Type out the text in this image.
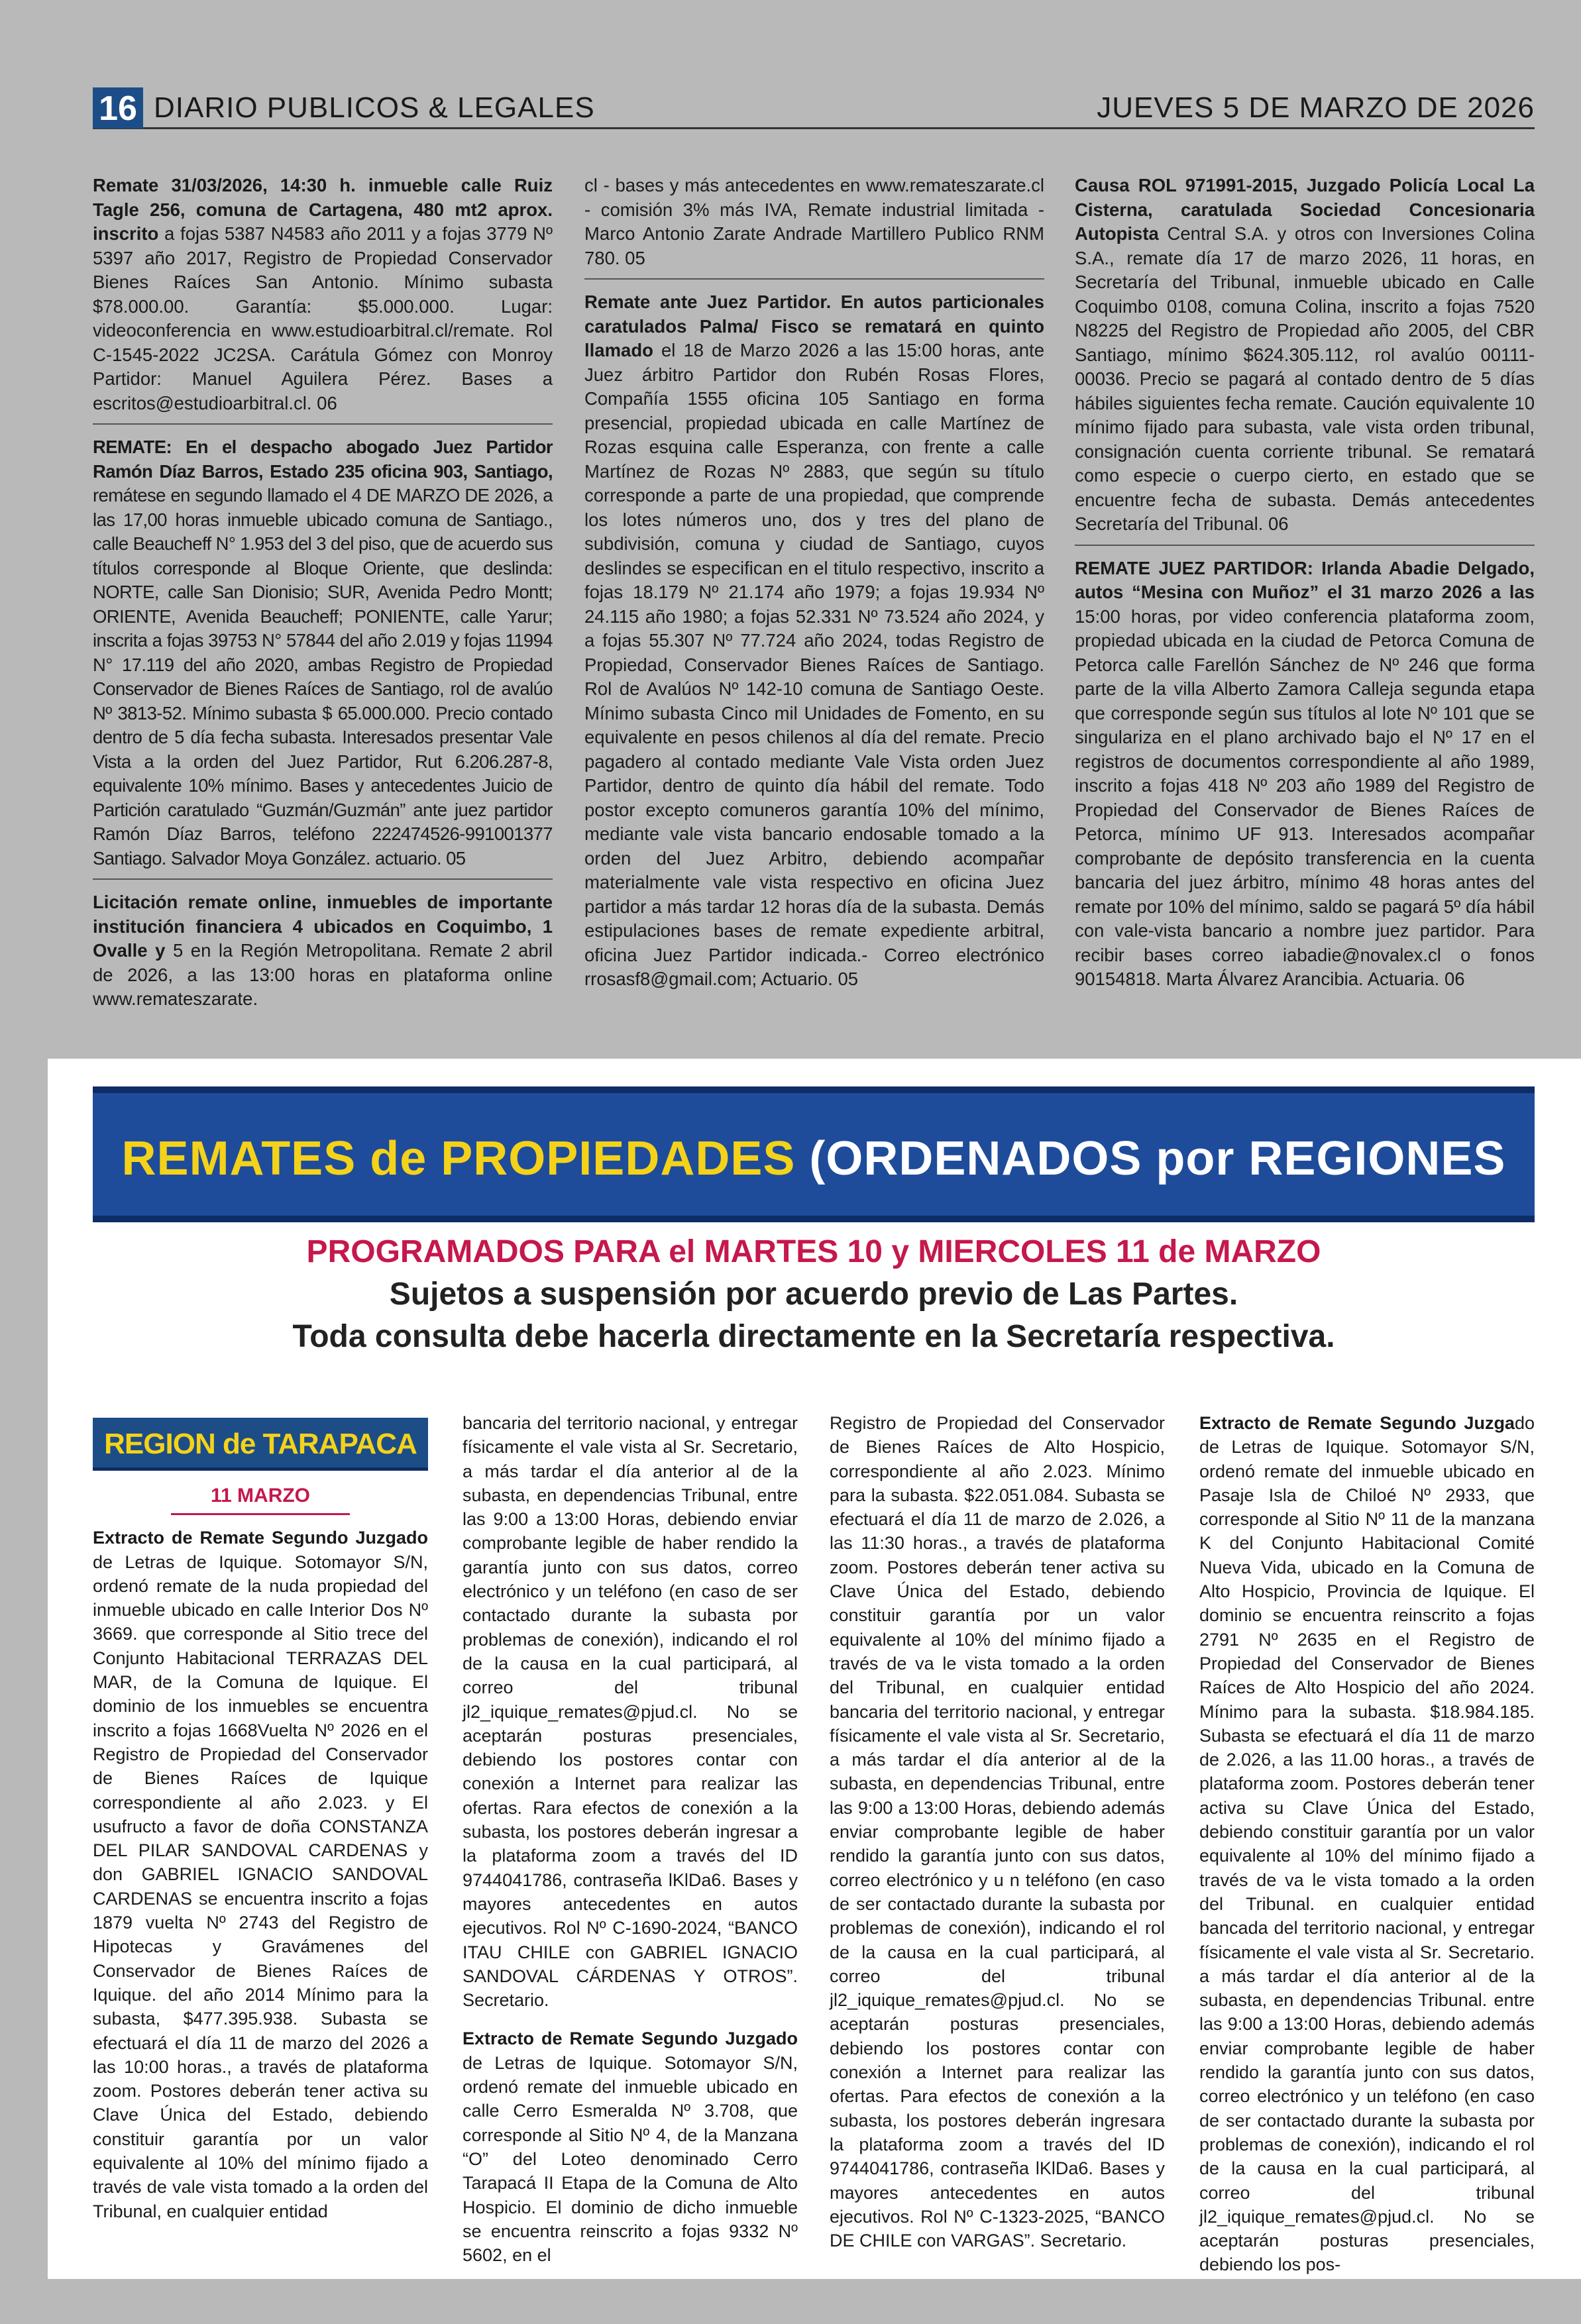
16 DIARIO PUBLICOS & LEGALES	JUEVES 5 DE MARZO DE 2026
Remate 31/03/2026, 14:30 h. inmueble calle Ruiz Tagle 256, comuna de Cartagena, 480 mt2 aprox. inscrito a fojas 5387 N4583 año 2011 y a fojas 3779 Nº 5397 año 2017, Registro de Propiedad Conservador Bienes Raíces San Antonio. Mínimo subasta $78.000.00. Garantía: $5.000.000. Lugar: videoconferencia en www.estudioarbitral.cl/remate. Rol C-1545-2022 JC2SA. Carátula Gómez con Monroy Partidor: Manuel Aguilera Pérez. Bases a escritos@estudioarbitral.cl. 06
REMATE: En el despacho abogado Juez Partidor Ramón Díaz Barros, Estado 235 oficina 903, Santiago, remátese en segundo llamado el 4 DE MARZO DE 2026, a las 17,00 horas inmueble ubicado comuna de Santiago., calle Beaucheff N° 1.953 del 3 del piso, que de acuerdo sus títulos corresponde al Bloque Oriente, que deslinda: NORTE, calle San Dionisio; SUR, Avenida Pedro Montt; ORIENTE, Avenida Beaucheff; PONIENTE, calle Yarur; inscrita a fojas 39753 N° 57844 del año 2.019 y fojas 11994 N° 17.119 del año 2020, ambas Registro de Propiedad Conservador de Bienes Raíces de Santiago, rol de avalúo Nº 3813-52. Mínimo subasta $ 65.000.000. Precio contado dentro de 5 día fecha subasta. Interesados presentar Vale Vista a la orden del Juez Partidor, Rut 6.206.287-8, equivalente 10% mínimo. Bases y antecedentes Juicio de Partición caratulado “Guzmán/Guzmán” ante juez partidor Ramón Díaz Barros, teléfono 222474526-991001377 Santiago. Salvador Moya González. actuario. 05
Licitación remate online, inmuebles de importante institución financiera 4 ubicados en Coquimbo, 1 Ovalle y 5 en la Región Metropolitana. Remate 2 abril de 2026, a las 13:00 horas en plataforma online www.remateszarate.
cl - bases y más antecedentes en www.remateszarate.cl - comisión 3% más IVA, Remate industrial limitada - Marco Antonio Zarate Andrade Martillero Publico RNM 780. 05
Remate ante Juez Partidor. En autos particionales caratulados Palma/ Fisco se rematará en quinto llamado el 18 de Marzo 2026 a las 15:00 horas, ante Juez árbitro Partidor don Rubén Rosas Flores, Compañía 1555 oficina 105 Santiago en forma presencial, propiedad ubicada en calle Martínez de Rozas esquina calle Esperanza, con frente a calle Martínez de Rozas Nº 2883, que según su título corresponde a parte de una propiedad, que comprende los lotes números uno, dos y tres del plano de subdivisión, comuna y ciudad de Santiago, cuyos deslindes se especifican en el titulo respectivo, inscrito a fojas 18.179 Nº 21.174 año 1979; a fojas 19.934 Nº 24.115 año 1980; a fojas 52.331 Nº 73.524 año 2024, y a fojas 55.307 Nº 77.724 año 2024, todas Registro de Propiedad, Conservador Bienes Raíces de Santiago. Rol de Avalúos Nº 142-10 comuna de Santiago Oeste. Mínimo subasta Cinco mil Unidades de Fomento, en su equivalente en pesos chilenos al día del remate. Precio pagadero al contado mediante Vale Vista orden Juez Partidor, dentro de quinto día hábil del remate. Todo postor excepto comuneros garantía 10% del mínimo, mediante vale vista bancario endosable tomado a la orden del Juez Arbitro, debiendo acompañar materialmente vale vista respectivo en oficina Juez partidor a más tardar 12 horas día de la subasta. Demás estipulaciones bases de remate expediente arbitral, oficina Juez Partidor indicada.- Correo electrónico rrosasf8@gmail.com; Actuario. 05
Causa ROL 971991-2015, Juzgado Policía Local La Cisterna, caratulada Sociedad Concesionaria Autopista Central S.A. y otros con Inversiones Colina S.A., remate día 17 de marzo 2026, 11 horas, en Secretaría del Tribunal, inmueble ubicado en Calle Coquimbo 0108, comuna Colina, inscrito a fojas 7520 N8225 del Registro de Propiedad año 2005, del CBR Santiago, mínimo $624.305.112, rol avalúo 00111-00036. Precio se pagará al contado dentro de 5 días hábiles siguientes fecha remate. Caución equivalente 10 mínimo fijado para subasta, vale vista orden tribunal, consignación cuenta corriente tribunal. Se rematará como especie o cuerpo cierto, en estado que se encuentre fecha de subasta. Demás antecedentes Secretaría del Tribunal. 06
REMATE JUEZ PARTIDOR: Irlanda Abadie Delgado, autos “Mesina con Muñoz” el 31 marzo 2026 a las 15:00 horas, por video conferencia plataforma zoom, propiedad ubicada en la ciudad de Petorca Comuna de Petorca calle Farellón Sánchez de Nº 246 que forma parte de la villa Alberto Zamora Calleja segunda etapa que corresponde según sus títulos al lote Nº 101 que se singulariza en el plano archivado bajo el Nº 17 en el registros de documentos correspondiente al año 1989, inscrito a fojas 418 Nº 203 año 1989 del Registro de Propiedad del Conservador de Bienes Raíces de Petorca, mínimo UF 913. Interesados acompañar comprobante de depósito transferencia en la cuenta bancaria del juez árbitro, mínimo 48 horas antes del remate por 10% del mínimo, saldo se pagará 5º día hábil con vale-vista bancario a nombre juez partidor. Para recibir bases correo iabadie@novalex.cl o fonos 90154818. Marta Álvarez Arancibia. Actuaria. 06
REMATES de PROPIEDADES (ORDENADOS por REGIONES
PROGRAMADOS PARA el MARTES 10 y MIERCOLES 11 de MARZO
Sujetos a suspensión por acuerdo previo de Las Partes.
Toda consulta debe hacerla directamente en la Secretaría respectiva.
REGION de TARAPACA
11 MARZO
Extracto de Remate Segundo Juzgado de Letras de Iquique. Sotomayor S/N, ordenó remate de la nuda propiedad del inmueble ubicado en calle Interior Dos Nº 3669. que corresponde al Sitio trece del Conjunto Habitacional TERRAZAS DEL MAR, de la Comuna de Iquique. El dominio de los inmuebles se encuentra inscrito a fojas 1668Vuelta Nº 2026 en el Registro de Propiedad del Conservador de Bienes Raíces de Iquique correspondiente al año 2.023. y El usufructo a favor de doña CONSTANZA DEL PILAR SANDOVAL CARDENAS y don GABRIEL IGNACIO SANDOVAL CARDENAS se encuentra inscrito a fojas 1879 vuelta Nº 2743 del Registro de Hipotecas y Gravámenes del Conservador de Bienes Raíces de Iquique. del año 2014 Mínimo para la subasta, $477.395.938. Subasta se efectuará el día 11 de marzo del 2026 a las 10:00 horas., a través de plataforma zoom. Postores deberán tener activa su Clave Única del Estado, debiendo constituir garantía por un valor equivalente al 10% del mínimo fijado a través de vale vista tomado a la orden del Tribunal, en cualquier entidad
bancaria del territorio nacional, y entregar físicamente el vale vista al Sr. Secretario, a más tardar el día anterior al de la subasta, en dependencias Tribunal, entre las 9:00 a 13:00 Horas, debiendo enviar comprobante legible de haber rendido la garantía junto con sus datos, correo electrónico y un teléfono (en caso de ser contactado durante la subasta por problemas de conexión), indicando el rol de la causa en la cual participará, al correo del tribunal jl2_iquique_remates@pjud.cl. No se aceptarán posturas presenciales, debiendo los postores contar con conexión a Internet para realizar las ofertas. Rara efectos de conexión a la subasta, los postores deberán ingresar a la plataforma zoom a través del ID 9744041786, contraseña lKlDa6. Bases y mayores antecedentes en autos ejecutivos. Rol Nº C-1690-2024, “BANCO ITAU CHILE con GABRIEL IGNACIO SANDOVAL CÁRDENAS Y OTROS”. Secretario.
Extracto de Remate Segundo Juzgado de Letras de Iquique. Sotomayor S/N, ordenó remate del inmueble ubicado en calle Cerro Esmeralda Nº 3.708, que corresponde al Sitio Nº 4, de la Manzana “O” del Loteo denominado Cerro Tarapacá II Etapa de la Comuna de Alto Hospicio. El dominio de dicho inmueble se encuentra reinscrito a fojas 9332 Nº 5602, en el
Registro de Propiedad del Conservador de Bienes Raíces de Alto Hospicio, correspondiente al año 2.023. Mínimo para la subasta. $22.051.084. Subasta se efectuará el día 11 de marzo de 2.026, a las 11:30 horas., a través de plataforma zoom. Postores deberán tener activa su Clave Única del Estado, debiendo constituir garantía por un valor equivalente al 10% del mínimo fijado a través de va le vista tomado a la orden del Tribunal, en cualquier entidad bancaria del territorio nacional, y entregar físicamente el vale vista al Sr. Secretario, a más tardar el día anterior al de la subasta, en dependencias Tribunal, entre las 9:00 a 13:00 Horas, debiendo además enviar comprobante legible de haber rendido la garantía junto con sus datos, correo electrónico y u n teléfono (en caso de ser contactado durante la subasta por problemas de conexión), indicando el rol de la causa en la cual participará, al correo del tribunal jl2_iquique_remates@pjud.cl. No se aceptarán posturas presenciales, debiendo los postores contar con conexión a Internet para realizar las ofertas. Para efectos de conexión a la subasta, los postores deberán ingresara la plataforma zoom a través del ID 9744041786, contraseña lKlDa6. Bases y mayores antecedentes en autos ejecutivos. Rol Nº C-1323-2025, “BANCO DE CHILE con VARGAS”. Secretario.
Extracto de Remate Segundo Juzgado de Letras de Iquique. Sotomayor S/N, ordenó remate del inmueble ubicado en Pasaje Isla de Chiloé Nº 2933, que corresponde al Sitio Nº 11 de la manzana K del Conjunto Habitacional Comité Nueva Vida, ubicado en la Comuna de Alto Hospicio, Provincia de Iquique. El dominio se encuentra reinscrito a fojas 2791 Nº 2635 en el Registro de Propiedad del Conservador de Bienes Raíces de Alto Hospicio del año 2024. Mínimo para la subasta. $18.984.185. Subasta se efectuará el día 11 de marzo de 2.026, a las 11.00 horas., a través de plataforma zoom. Postores deberán tener activa su Clave Única del Estado, debiendo constituir garantía por un valor equivalente al 10% del mínimo fijado a través de va le vista tomado a la orden del Tribunal. en cualquier entidad bancada del territorio nacional, y entregar físicamente el vale vista al Sr. Secretario. a más tardar el día anterior al de la subasta, en dependencias Tribunal. entre las 9:00 a 13:00 Horas, debiendo además enviar comprobante legible de haber rendido la garantía junto con sus datos, correo electrónico y un teléfono (en caso de ser contactado durante la subasta por problemas de conexión), indicando el rol de la causa en la cual participará, al correo del tribunal jl2_iquique_remates@pjud.cl. No se aceptarán posturas presenciales, debiendo los pos-
